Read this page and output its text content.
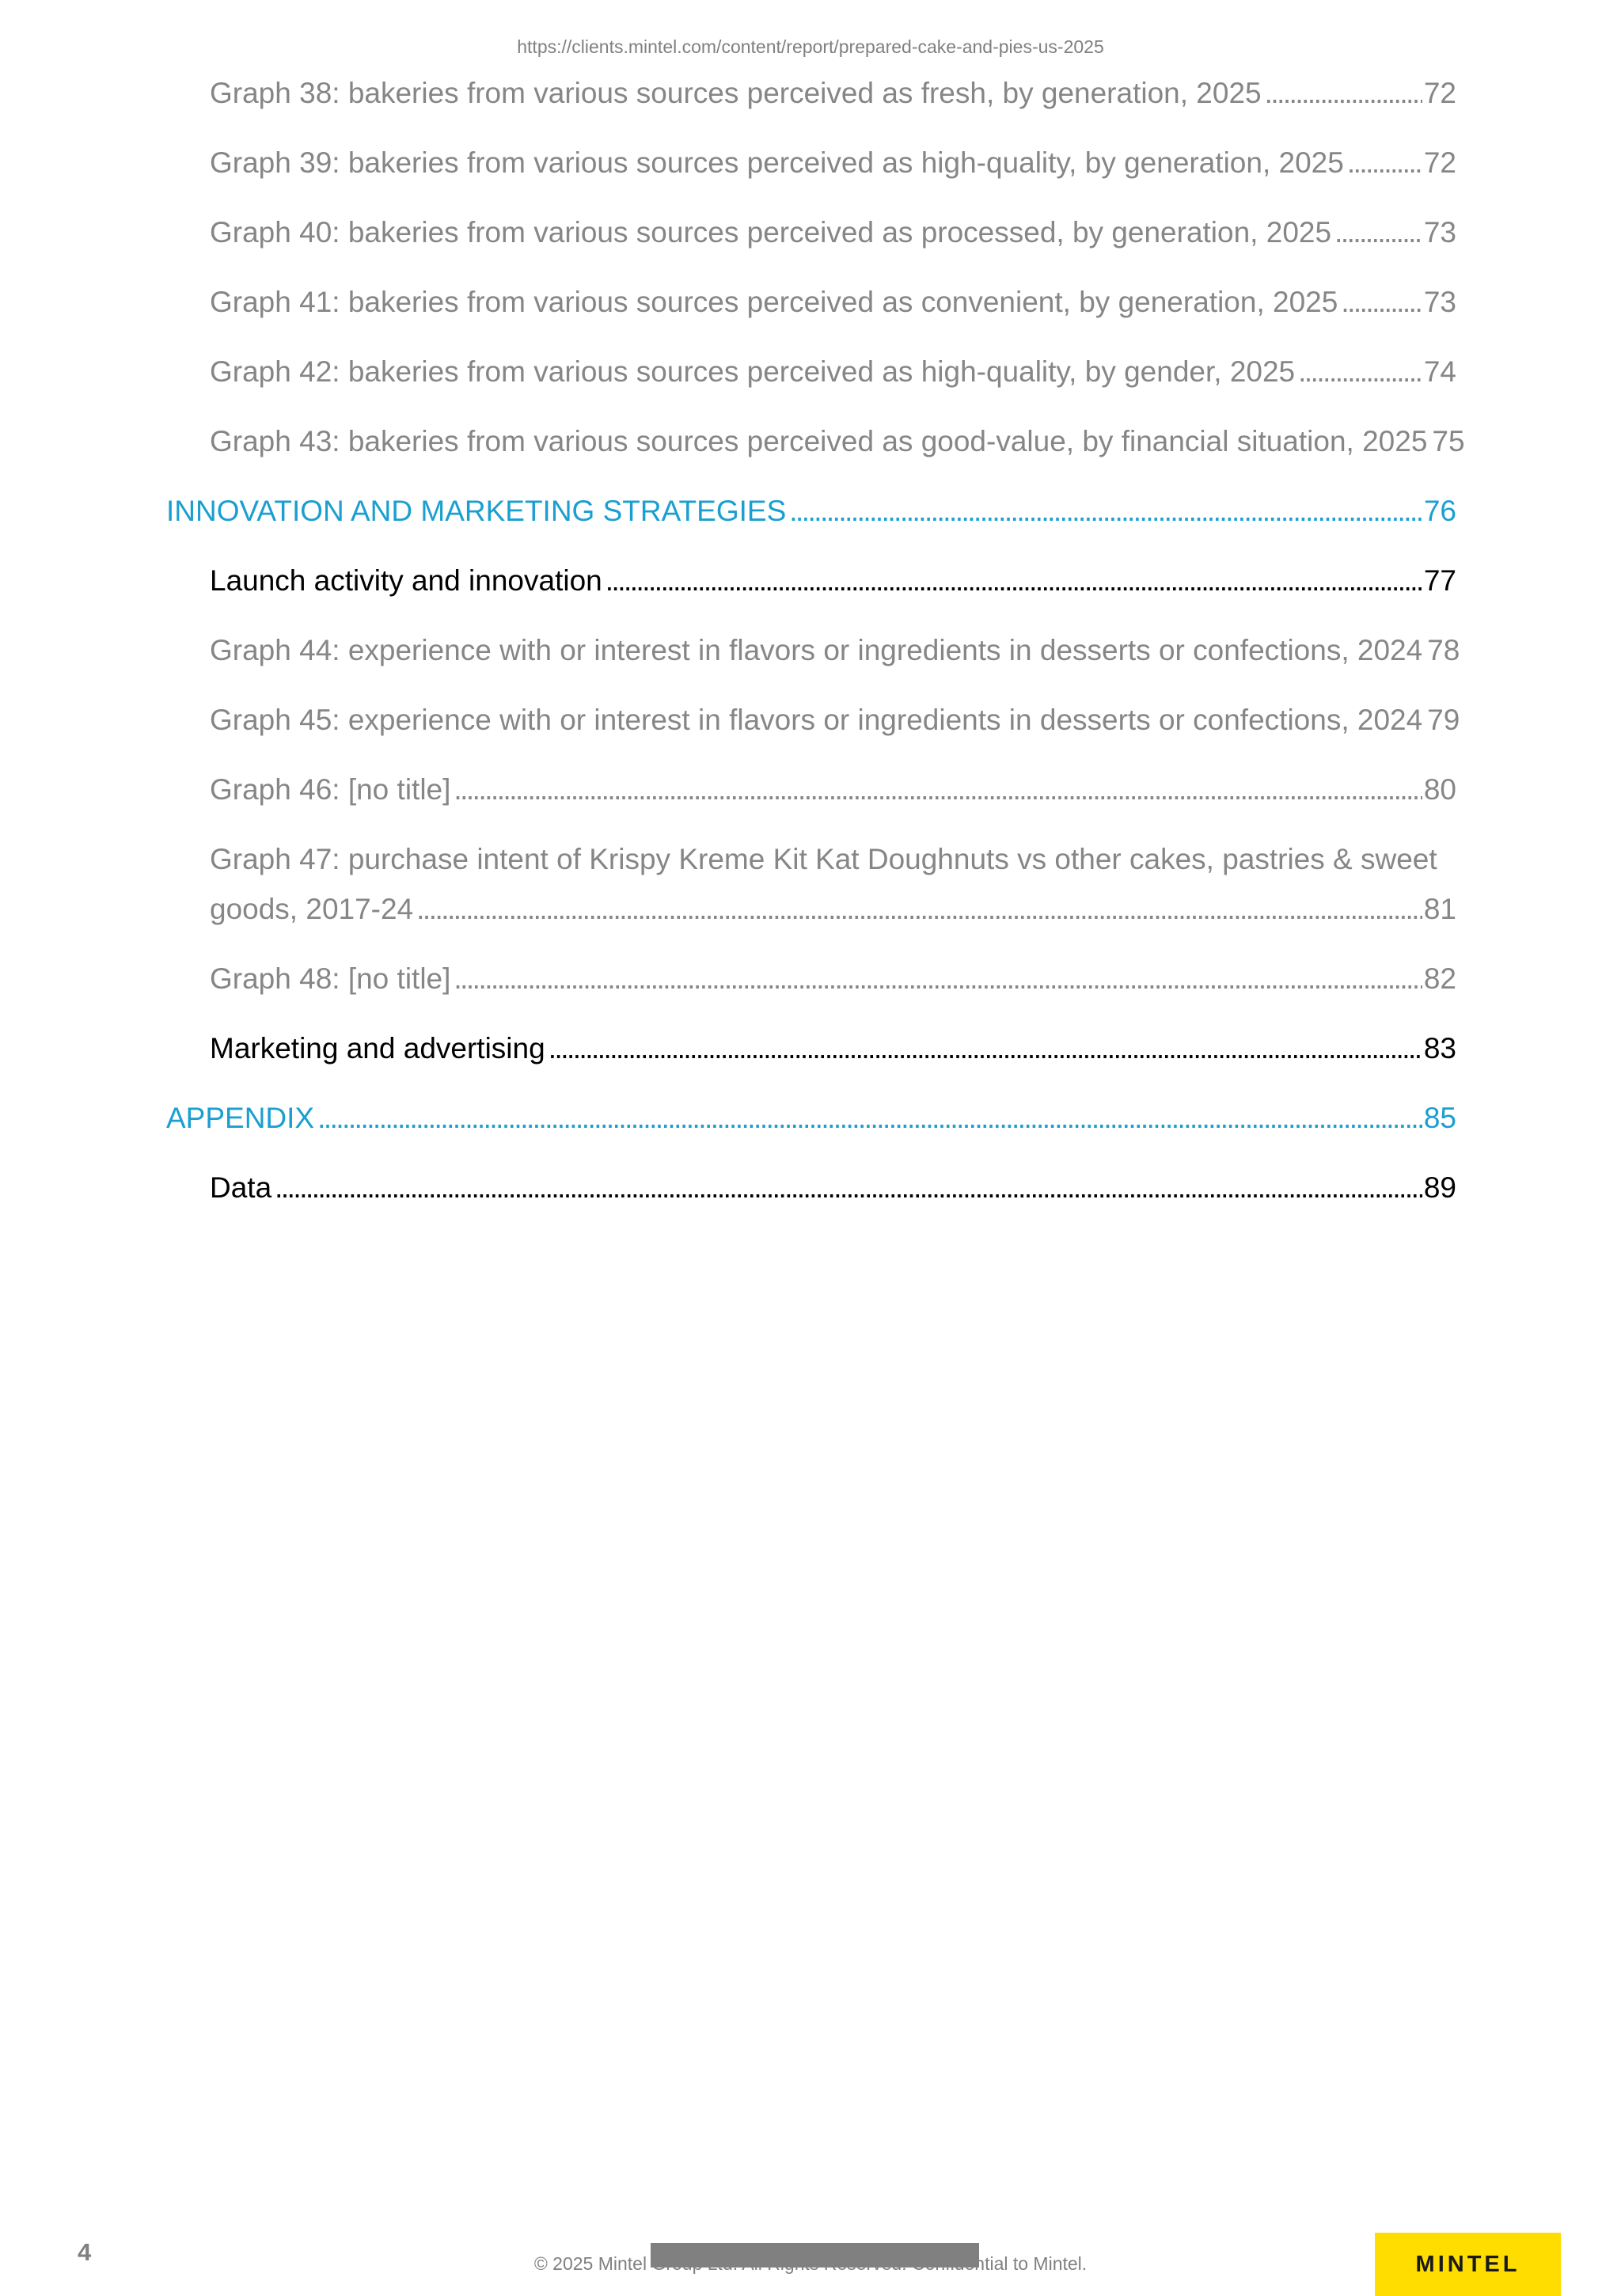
https://clients.mintel.com/content/report/prepared-cake-and-pies-us-2025
Graph 38: bakeries from various sources perceived as fresh, by generation, 2025 . . .	72
Graph 39: bakeries from various sources perceived as high-quality, by generation, 2025 . . .	72
Graph 40: bakeries from various sources perceived as processed, by generation, 2025 . . .	73
Graph 41: bakeries from various sources perceived as convenient, by generation, 2025 . . .	73
Graph 42: bakeries from various sources perceived as high-quality, by gender, 2025 . . .	74
Graph 43: bakeries from various sources perceived as good-value, by financial situation, 2025 75
INNOVATION AND MARKETING STRATEGIES . . .	76
Launch activity and innovation . . .	77
Graph 44: experience with or interest in flavors or ingredients in desserts or confections, 2024 78
Graph 45: experience with or interest in flavors or ingredients in desserts or confections, 2024 79
Graph 46: [no title] . . .	80
Graph 47: purchase intent of Krispy Kreme Kit Kat Doughnuts vs other cakes, pastries & sweet
goods, 2017-24 . . .	81
Graph 48: [no title] . . .	82
Marketing and advertising . . .	83
APPENDIX . . .	85
Data . . .	89
4	© 2025 Mintel Group Ltd. All Rights Reserved. Confidential to Mintel.	MINTEL
